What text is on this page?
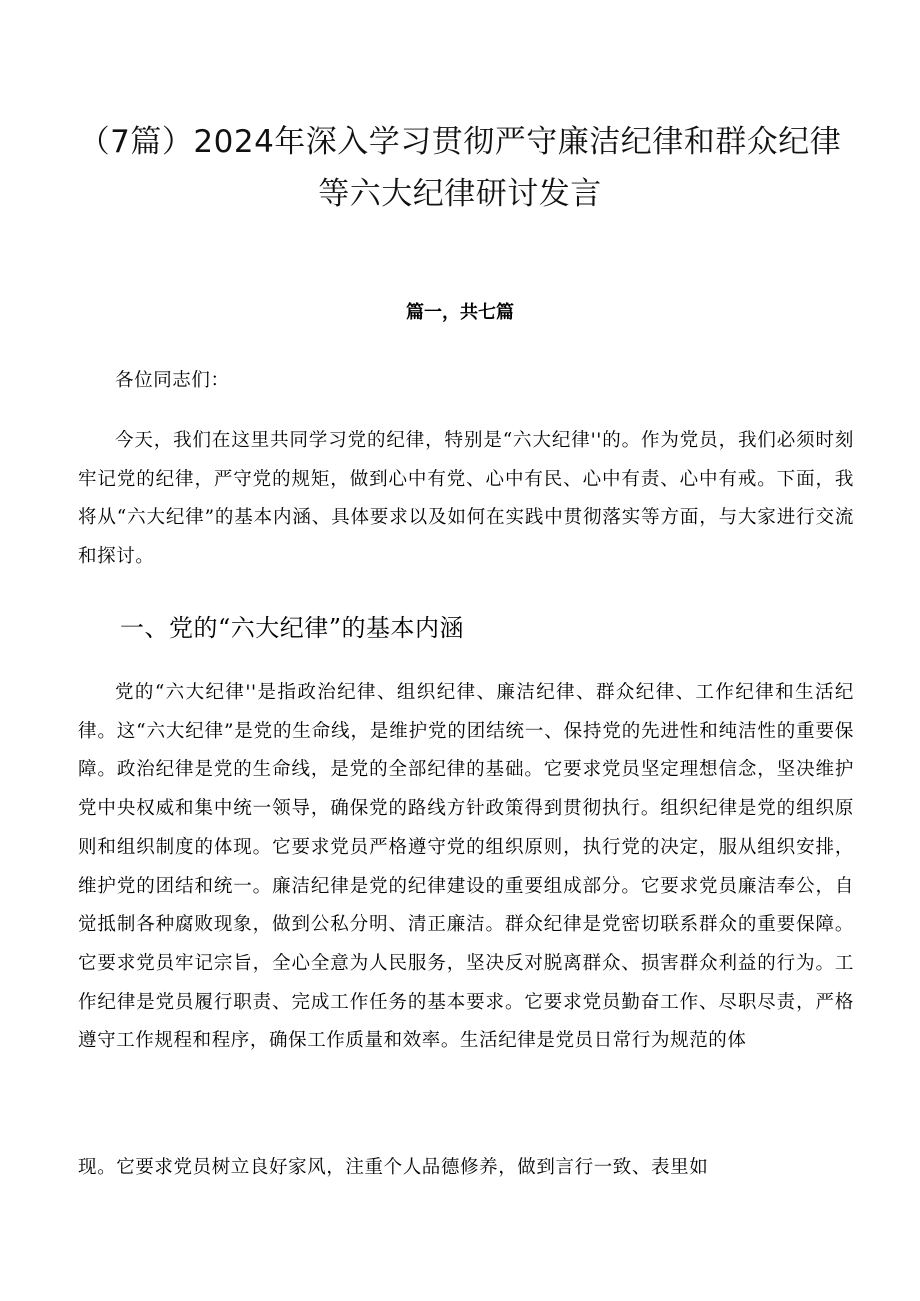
（7篇）2024年深入学习贯彻严守廉洁纪律和群众纪律等六大纪律研讨发言
篇一，共七篇

各位同志们：

今天，我们在这里共同学习党的纪律，特别是“六大纪律''的。作为党员，我们必须时刻牢记党的纪律，严守党的规矩，做到心中有党、心中有民、心中有责、心中有戒。下面，我将从“六大纪律”的基本内涵、具体要求以及如何在实践中贯彻落实等方面，与大家进行交流和探讨。

一、党的“六大纪律”的基本内涵

党的“六大纪律''是指政治纪律、组织纪律、廉洁纪律、群众纪律、工作纪律和生活纪律。这“六大纪律”是党的生命线，是维护党的团结统一、保持党的先进性和纯洁性的重要保障。政治纪律是党的生命线，是党的全部纪律的基础。它要求党员坚定理想信念，坚决维护党中央权威和集中统一领导，确保党的路线方针政策得到贯彻执行。组织纪律是党的组织原则和组织制度的体现。它要求党员严格遵守党的组织原则，执行党的决定，服从组织安排，维护党的团结和统一。廉洁纪律是党的纪律建设的重要组成部分。它要求党员廉洁奉公，自觉抵制各种腐败现象，做到公私分明、清正廉洁。群众纪律是党密切联系群众的重要保障。它要求党员牢记宗旨，全心全意为人民服务，坚决反对脱离群众、损害群众利益的行为。工作纪律是党员履行职责、完成工作任务的基本要求。它要求党员勤奋工作、尽职尽责，严格遵守工作规程和程序，确保工作质量和效率。生活纪律是党员日常行为规范的体

现。它要求党员树立良好家风，注重个人品德修养，做到言行一致、表里如
